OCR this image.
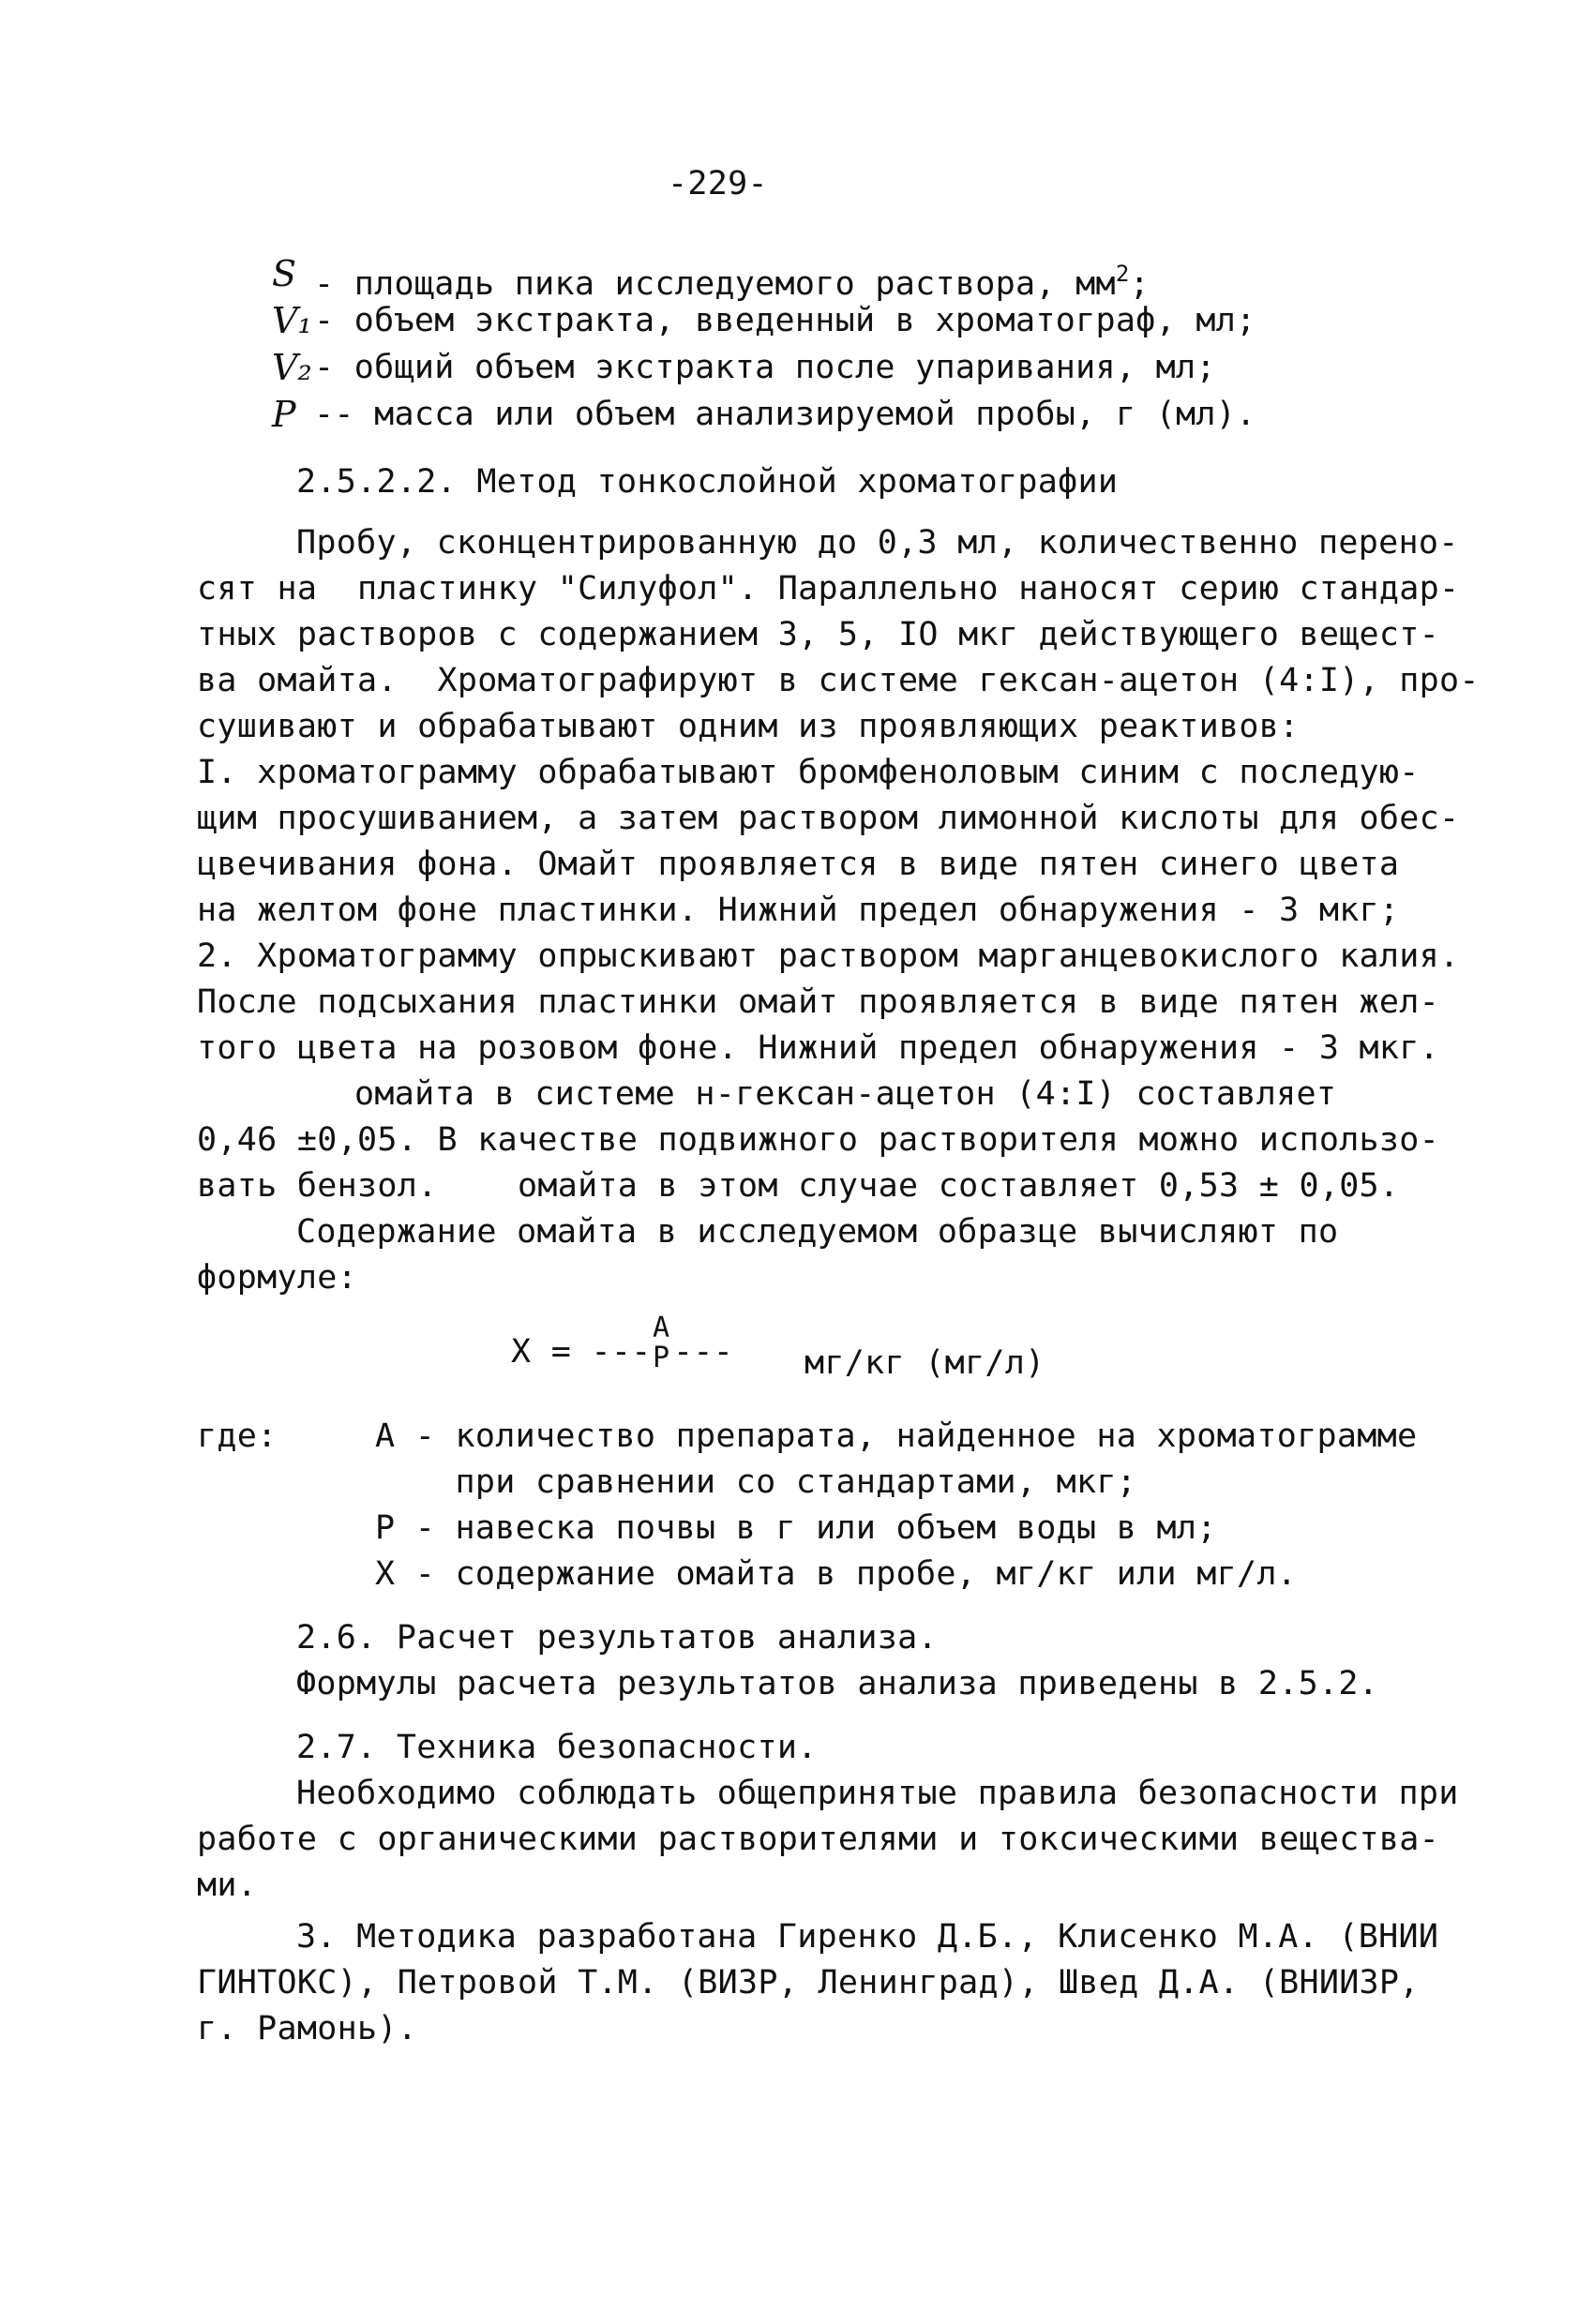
-229-
S - площадь пика исследуемого раствора, $мм^2$;
V₁ - объем экстракта, введенный в хроматограф, мл;
V₂ - общий объем экстракта после упаривания, мл;
P -- масса или объем анализируемой пробы, г (мл).
2.5.2.2. Метод тонкослойной хроматографии
Пробу, сконцентрированную до 0,3 мл, количественно перено-
сят на  пластинку "Силуфол". Параллельно наносят серию стандар-
тных растворов с содержанием 3, 5, IO мкг действующего вещест-
ва омайта.  Хроматографируют в системе гексан-ацетон (4:I), про-
сушивают и обрабатывают одним из проявляющих реактивов:
I. хроматограмму обрабатывают бромфеноловым синим с последую-
щим просушиванием, а затем раствором лимонной кислоты для обес-
цвечивания фона. Омайт проявляется в виде пятен синего цвета
на желтом фоне пластинки. Нижний предел обнаружения - 3 мкг;
2. Хроматограмму опрыскивают раствором марганцевокислого калия.
После подсыхания пластинки омайт проявляется в виде пятен жел-
того цвета на розовом фоне. Нижний предел обнаружения - 3 мкг.
омайта в системе н-гексан-ацетон (4:I) составляет
0,46 ±0,05. В качестве подвижного растворителя можно использо-
вать бензол.    омайта в этом случае составляет 0,53 ± 0,05.
Содержание омайта в исследуемом образце вычисляют по
формуле:
X = ---
A
P --- мг/кг (мг/л)
где:	А - количество препарата, найденное на хроматограмме
при сравнении со стандартами, мкг;
Р - навеска почвы в г или объем воды в мл;
Х - содержание омайта в пробе, мг/кг или мг/л.
2.6. Расчет результатов анализа.
Формулы расчета результатов анализа приведены в 2.5.2.
2.7. Техника безопасности.
Необходимо соблюдать общепринятые правила безопасности при
работе с органическими растворителями и токсическими вещества-
ми.
3. Методика разработана Гиренко Д.Б., Клисенко М.А. (ВНИИ
ГИНТОКС), Петровой Т.М. (ВИЗР, Ленинград), Швед Д.А. (ВНИИЗР,
г. Рамонь).
